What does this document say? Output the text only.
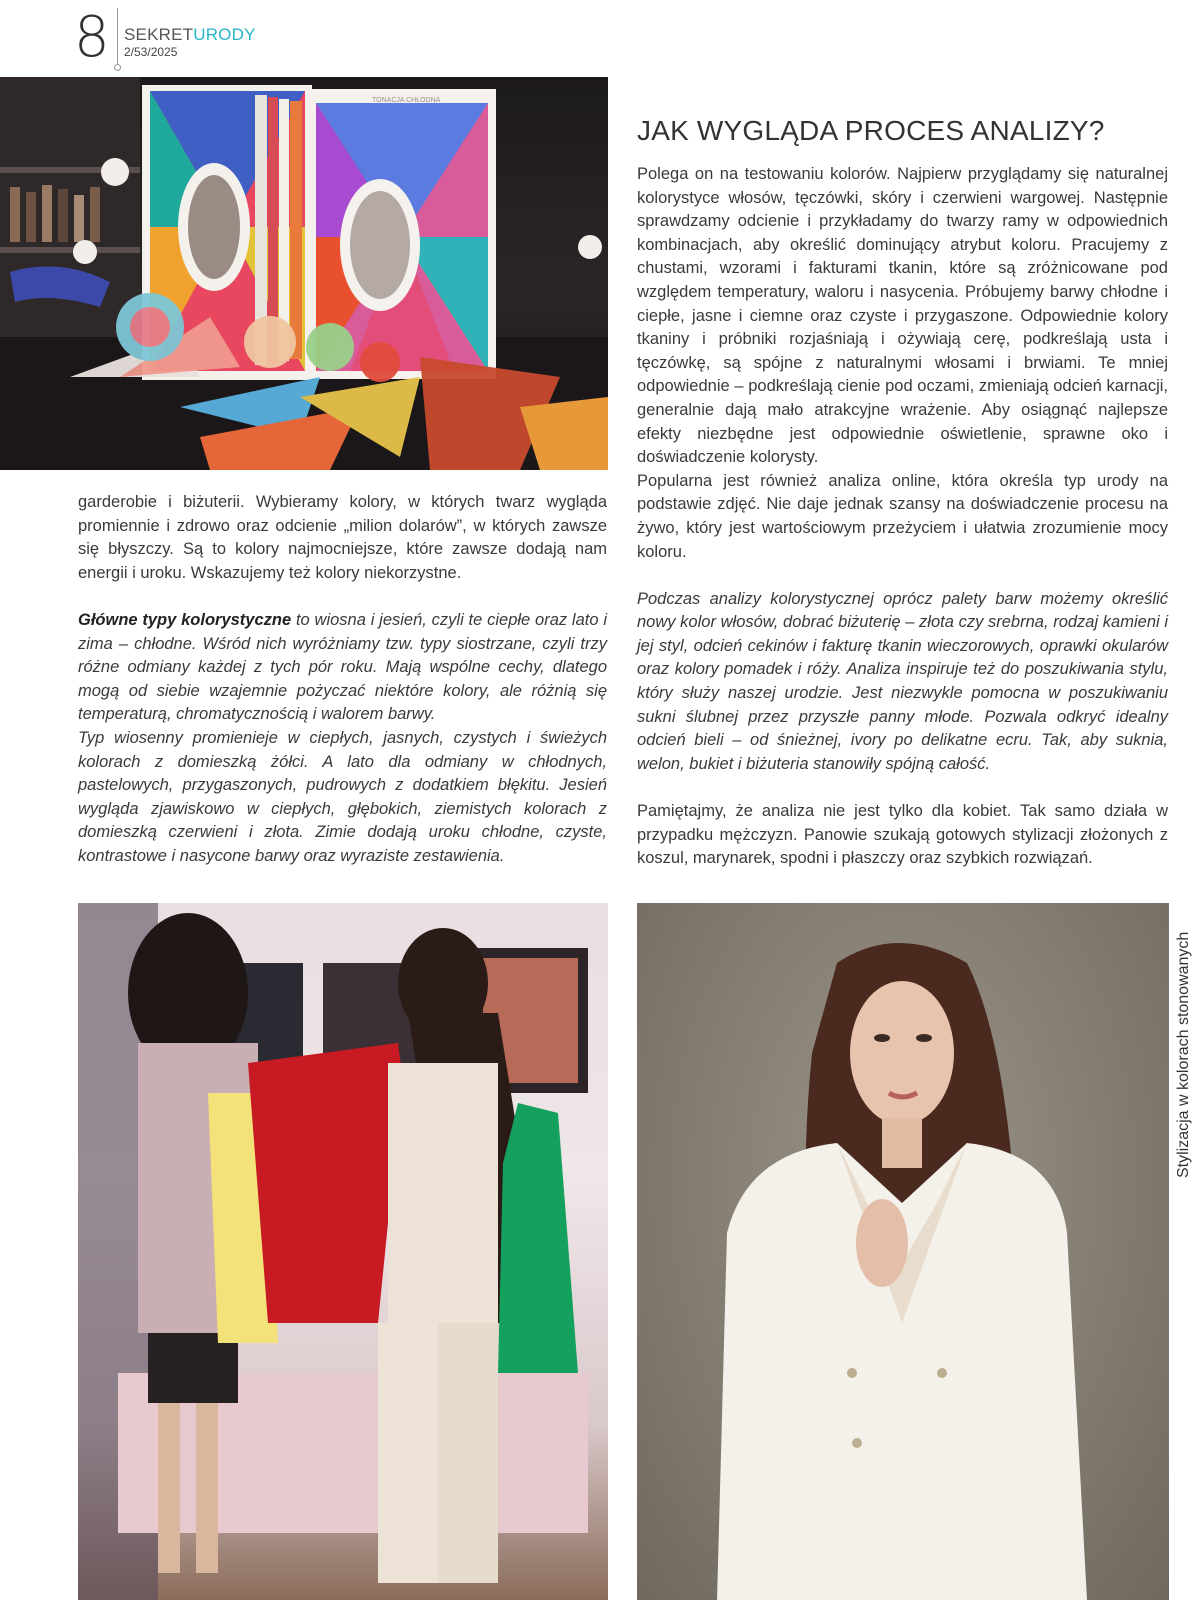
8 SEKRETURODY
2/53/2025
TONACJA CHŁODNA

garderobie i biżuterii. Wybieramy kolory, w których twarz wygląda promiennie i zdrowo oraz odcienie „milion dolarów”, w których zawsze się błyszczy. Są to kolory najmocniejsze, które zawsze dodają nam energii i uroku. Wskazujemy też kolory niekorzystne.

Główne typy kolorystyczne to wiosna i jesień, czyli te ciepłe oraz lato i zima – chłodne. Wśród nich wyróżniamy tzw. typy siostrzane, czyli trzy różne odmiany każdej z tych pór roku. Mają wspólne cechy, dlatego mogą od siebie wzajemnie pożyczać niektóre kolory, ale różnią się temperaturą, chromatycznością i walorem barwy.

Typ wiosenny promienieje w ciepłych, jasnych, czystych i świeżych kolorach z domieszką żółci. A lato dla odmiany w chłodnych, pastelowych, przygaszonych, pudrowych z dodatkiem błękitu. Jesień wygląda zjawiskowo w ciepłych, głębokich, ziemistych kolorach z domieszką czerwieni i złota. Zimie dodają uroku chłodne, czyste, kontrastowe i nasycone barwy oraz wyraziste zestawienia.

JAK WYGLĄDA PROCES ANALIZY?

Polega on na testowaniu kolorów. Najpierw przyglądamy się naturalnej kolorystyce włosów, tęczówki, skóry i czerwieni wargowej. Następnie sprawdzamy odcienie i przykładamy do twarzy ramy w odpowiednich kombinacjach, aby określić dominujący atrybut koloru. Pracujemy z chustami, wzorami i fakturami tkanin, które są zróżnicowane pod względem temperatury, waloru i nasycenia. Próbujemy barwy chłodne i ciepłe, jasne i ciemne oraz czyste i przygaszone. Odpowiednie kolory tkaniny i próbniki rozjaśniają i ożywiają cerę, podkreślają usta i tęczówkę, są spójne z naturalnymi włosami i brwiami. Te mniej odpowiednie – podkreślają cienie pod oczami, zmieniają odcień karnacji, generalnie dają mało atrakcyjne wrażenie. Aby osiągnąć najlepsze efekty niezbędne jest odpowiednie oświetlenie, sprawne oko i doświadczenie kolorysty.

Popularna jest również analiza online, która określa typ urody na podstawie zdjęć. Nie daje jednak szansy na doświadczenie procesu na żywo, który jest wartościowym przeżyciem i ułatwia zrozumienie mocy koloru.

Podczas analizy kolorystycznej oprócz palety barw możemy określić nowy kolor włosów, dobrać biżuterię – złota czy srebrna, rodzaj kamieni i jej styl, odcień cekinów i fakturę tkanin wieczorowych, oprawki okularów oraz kolory pomadek i róży. Analiza inspiruje też do poszukiwania stylu, który służy naszej urodzie. Jest niezwykle pomocna w poszukiwaniu sukni ślubnej przez przyszłe panny młode. Pozwala odkryć idealny odcień bieli – od śnieżnej, ivory po delikatne ecru. Tak, aby suknia, welon, bukiet i biżuteria stanowiły spójną całość.

Pamiętajmy, że analiza nie jest tylko dla kobiet. Tak samo działa w przypadku mężczyzn. Panowie szukają gotowych stylizacji złożonych z koszul, marynarek, spodni i płaszczy oraz szybkich rozwiązań.

Stylizacja w kolorach stonowanych
